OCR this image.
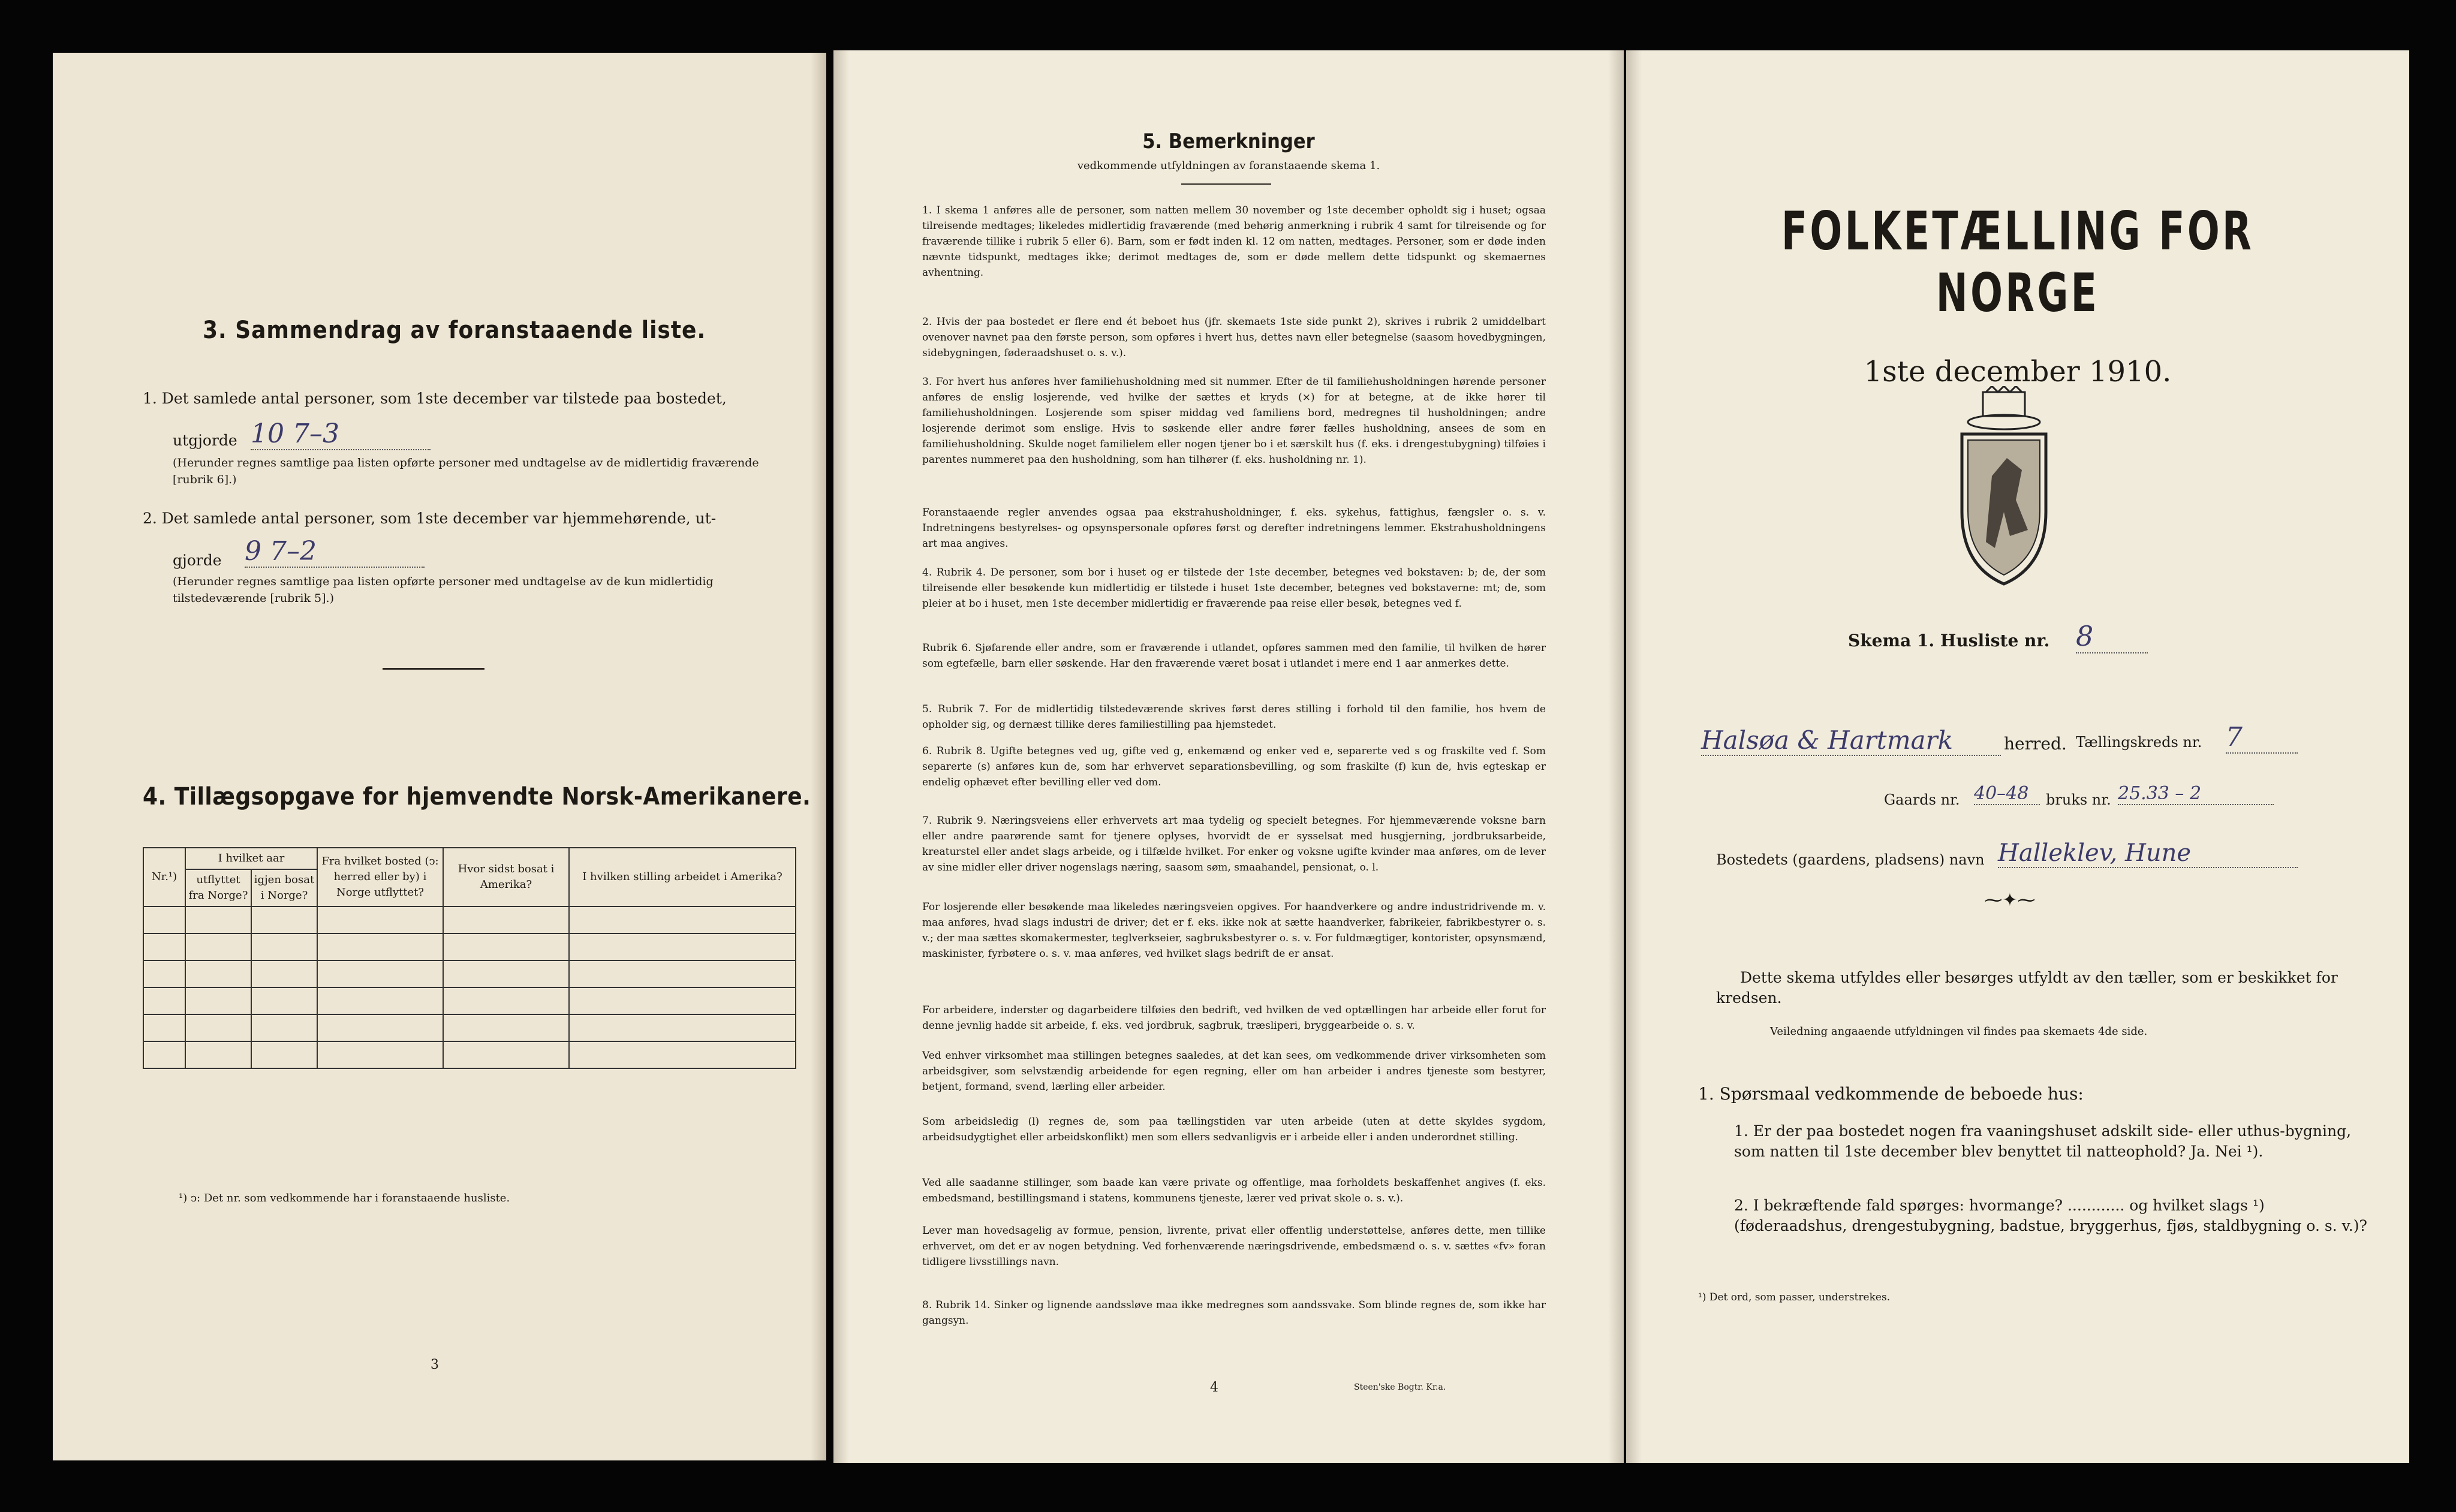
3. Sammendrag av foranstaaende liste.
1. Det samlede antal personer, som 1ste december var tilstede paa bostedet,
utgjorde 10 7–3
(Herunder regnes samtlige paa listen opførte personer med undtagelse av de midlertidig fraværende [rubrik 6].)
2. Det samlede antal personer, som 1ste december var hjemmehørende, ut-
gjorde 9 7–2
(Herunder regnes samtlige paa listen opførte personer med undtagelse av de kun midlertidig tilstedeværende [rubrik 5].)
4. Tillægsopgave for hjemvendte Norsk-Amerikanere.
Nr.¹)	I hvilket aar		Fra hvilket bosted (ↄ: herred eller by) i Norge utflyttet?	Hvor sidst bosat i Amerika?	I hvilken stilling arbeidet i Amerika?
	utflyttet fra Norge?	igjen bosat i Norge?			

¹) ↄ: Det nr. som vedkommende har i foranstaaende husliste.
3
5. Bemerkninger
vedkommende utfyldningen av foranstaaende skema 1.
1. I skema 1 anføres alle de personer, som natten mellem 30 november og 1ste december opholdt sig i huset; ogsaa tilreisende medtages; likeledes midlertidig fraværende (med behørig anmerkning i rubrik 4 samt for tilreisende og for fraværende tillike i rubrik 5 eller 6). Barn, som er født inden kl. 12 om natten, medtages. Personer, som er døde inden nævnte tidspunkt, medtages ikke; derimot medtages de, som er døde mellem dette tidspunkt og skemaernes avhentning.
2. Hvis der paa bostedet er flere end ét beboet hus (jfr. skemaets 1ste side punkt 2), skrives i rubrik 2 umiddelbart ovenover navnet paa den første person, som opføres i hvert hus, dettes navn eller betegnelse (saasom hovedbygningen, sidebygningen, føderaadshuset o. s. v.).
3. For hvert hus anføres hver familiehusholdning med sit nummer. Efter de til familiehusholdningen hørende personer anføres de enslig losjerende, ved hvilke der sættes et kryds (×) for at betegne, at de ikke hører til familiehusholdningen. Losjerende som spiser middag ved familiens bord, medregnes til husholdningen; andre losjerende derimot som enslige. Hvis to søskende eller andre fører fælles husholdning, ansees de som en familiehusholdning. Skulde noget familielem eller nogen tjener bo i et særskilt hus (f. eks. i drengestubygning) tilføies i parentes nummeret paa den husholdning, som han tilhører (f. eks. husholdning nr. 1).
Foranstaaende regler anvendes ogsaa paa ekstrahusholdninger, f. eks. sykehus, fattighus, fængsler o. s. v. Indretningens bestyrelses- og opsynspersonale opføres først og derefter indretningens lemmer. Ekstrahusholdningens art maa angives.
4. Rubrik 4. De personer, som bor i huset og er tilstede der 1ste december, betegnes ved bokstaven: b; de, der som tilreisende eller besøkende kun midlertidig er tilstede i huset 1ste december, betegnes ved bokstaverne: mt; de, som pleier at bo i huset, men 1ste december midlertidig er fraværende paa reise eller besøk, betegnes ved f.
Rubrik 6. Sjøfarende eller andre, som er fraværende i utlandet, opføres sammen med den familie, til hvilken de hører som egtefælle, barn eller søskende. Har den fraværende været bosat i utlandet i mere end 1 aar anmerkes dette.
5. Rubrik 7. For de midlertidig tilstedeværende skrives først deres stilling i forhold til den familie, hos hvem de opholder sig, og dernæst tillike deres familiestilling paa hjemstedet.
6. Rubrik 8. Ugifte betegnes ved ug, gifte ved g, enkemænd og enker ved e, separerte ved s og fraskilte ved f. Som separerte (s) anføres kun de, som har erhvervet separationsbevilling, og som fraskilte (f) kun de, hvis egteskap er endelig ophævet efter bevilling eller ved dom.
7. Rubrik 9. Næringsveiens eller erhvervets art maa tydelig og specielt betegnes. For hjemmeværende voksne barn eller andre paarørende samt for tjenere oplyses, hvorvidt de er sysselsat med husgjerning, jordbruksarbeide, kreaturstel eller andet slags arbeide, og i tilfælde hvilket. For enker og voksne ugifte kvinder maa anføres, om de lever av sine midler eller driver nogenslags næring, saasom søm, smaahandel, pensionat, o. l.
For losjerende eller besøkende maa likeledes næringsveien opgives. For haandverkere og andre industridrivende m. v. maa anføres, hvad slags industri de driver; det er f. eks. ikke nok at sætte haandverker, fabrikeier, fabrikbestyrer o. s. v.; der maa sættes skomakermester, teglverkseier, sagbruksbestyrer o. s. v. For fuldmægtiger, kontorister, opsynsmænd, maskinister, fyrbøtere o. s. v. maa anføres, ved hvilket slags bedrift de er ansat.
For arbeidere, inderster og dagarbeidere tilføies den bedrift, ved hvilken de ved optællingen har arbeide eller forut for denne jevnlig hadde sit arbeide, f. eks. ved jordbruk, sagbruk, træsliperi, bryggearbeide o. s. v.
Ved enhver virksomhet maa stillingen betegnes saaledes, at det kan sees, om vedkommende driver virksomheten som arbeidsgiver, som selvstændig arbeidende for egen regning, eller om han arbeider i andres tjeneste som bestyrer, betjent, formand, svend, lærling eller arbeider.
Som arbeidsledig (l) regnes de, som paa tællingstiden var uten arbeide (uten at dette skyldes sygdom, arbeidsudygtighet eller arbeidskonflikt) men som ellers sedvanligvis er i arbeide eller i anden underordnet stilling.
Ved alle saadanne stillinger, som baade kan være private og offentlige, maa forholdets beskaffenhet angives (f. eks. embedsmand, bestillingsmand i statens, kommunens tjeneste, lærer ved privat skole o. s. v.).
Lever man hovedsagelig av formue, pension, livrente, privat eller offentlig understøttelse, anføres dette, men tillike erhvervet, om det er av nogen betydning. Ved forhenværende næringsdrivende, embedsmænd o. s. v. sættes «fv» foran tidligere livsstillings navn.
8. Rubrik 14. Sinker og lignende aandssløve maa ikke medregnes som aandssvake. Som blinde regnes de, som ikke har gangsyn.
4	Steen'ske Bogtr. Kr.a.
FOLKETÆLLING FOR NORGE
1ste december 1910.
Skema 1. Husliste nr. 8
Halsøa & Hartmark	herred. Tællingskreds nr. 7
Gaards nr. 40–48	bruks nr. 25.33 – 2
Bostedets (gaardens, pladsens) navn Halleklev, Hune
⁓✦⁓
Dette skema utfyldes eller besørges utfyldt av den tæller, som er beskikket for kredsen.
Veiledning angaaende utfyldningen vil findes paa skemaets 4de side.
1. Spørsmaal vedkommende de beboede hus:
1. Er der paa bostedet nogen fra vaaningshuset adskilt side- eller uthus-bygning, som natten til 1ste december blev benyttet til natteophold? Ja. Nei ¹).
2. I bekræftende fald spørges: hvormange? ............ og hvilket slags ¹) (føderaadshus, drengestubygning, badstue, bryggerhus, fjøs, staldbygning o. s. v.)?
¹) Det ord, som passer, understrekes.
